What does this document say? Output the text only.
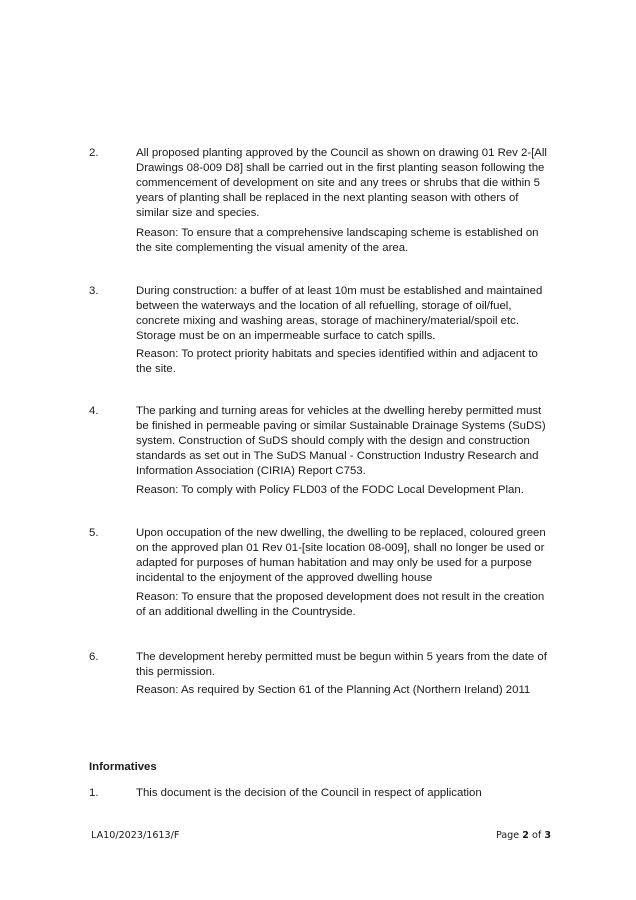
2.	All proposed planting approved by the Council as shown on drawing 01 Rev 2-[All Drawings 08-009 D8] shall be carried out in the first planting season following the commencement of development on site and any trees or shrubs that die within 5 years of planting shall be replaced in the next planting season with others of similar size and species.
Reason: To ensure that a comprehensive landscaping scheme is established on the site complementing the visual amenity of the area.
3.	During construction: a buffer of at least 10m must be established and maintained between the waterways and the location of all refuelling, storage of oil/fuel, concrete mixing and washing areas, storage of machinery/material/spoil etc. Storage must be on an impermeable surface to catch spills.
Reason: To protect priority habitats and species identified within and adjacent to the site.
4.	The parking and turning areas for vehicles at the dwelling hereby permitted must be finished in permeable paving or similar Sustainable Drainage Systems (SuDS) system. Construction of SuDS should comply with the design and construction standards as set out in The SuDS Manual - Construction Industry Research and Information Association (CIRIA) Report C753.
Reason: To comply with Policy FLD03 of the FODC Local Development Plan.
5.	Upon occupation of the new dwelling, the dwelling to be replaced, coloured green on the approved plan 01 Rev 01-[site location 08-009], shall no longer be used or adapted for purposes of human habitation and may only be used for a purpose incidental to the enjoyment of the approved dwelling house
Reason: To ensure that the proposed development does not result in the creation of an additional dwelling in the Countryside.
6.	The development hereby permitted must be begun within 5 years from the date of this permission.
Reason: As required by Section 61 of the Planning Act (Northern Ireland) 2011
Informatives
1.	This document is the decision of the Council in respect of application
LA10/2023/1613/F	Page 2 of 3
